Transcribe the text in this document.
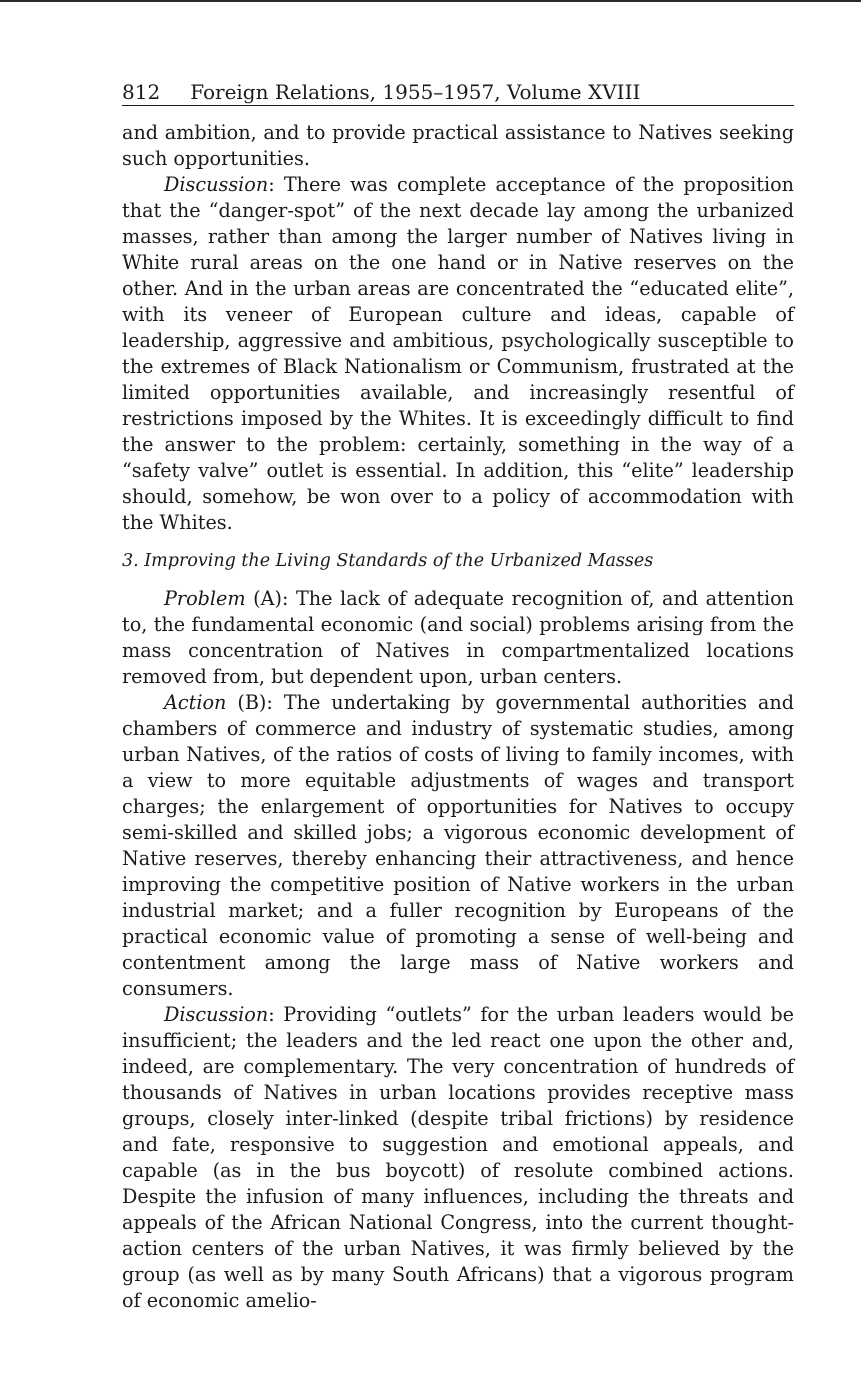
812 Foreign Relations, 1955–1957, Volume XVIII

and ambition, and to provide practical assistance to Natives seeking such opportunities.

Discussion: There was complete acceptance of the proposition that the “danger-spot” of the next decade lay among the urbanized masses, rather than among the larger number of Natives living in White rural areas on the one hand or in Native reserves on the other. And in the urban areas are concentrated the “educated elite”, with its veneer of European culture and ideas, capable of leadership, aggressive and ambitious, psychologically susceptible to the extremes of Black Nationalism or Communism, frustrated at the limited opportunities available, and increasingly resentful of restrictions imposed by the Whites. It is exceedingly difficult to find the answer to the problem: certainly, something in the way of a “safety valve” outlet is essential. In addition, this “elite” leadership should, somehow, be won over to a policy of accommodation with the Whites.

3. Improving the Living Standards of the Urbanized Masses

Problem (A): The lack of adequate recognition of, and attention to, the fundamental economic (and social) problems arising from the mass concentration of Natives in compartmentalized locations removed from, but dependent upon, urban centers.

Action (B): The undertaking by governmental authorities and chambers of commerce and industry of systematic studies, among urban Natives, of the ratios of costs of living to family incomes, with a view to more equitable adjustments of wages and transport charges; the enlargement of opportunities for Natives to occupy semi-skilled and skilled jobs; a vigorous economic development of Native reserves, thereby enhancing their attractiveness, and hence improving the competitive position of Native workers in the urban industrial market; and a fuller recognition by Europeans of the practical economic value of promoting a sense of well-being and contentment among the large mass of Native workers and consumers.

Discussion: Providing “outlets” for the urban leaders would be insufficient; the leaders and the led react one upon the other and, indeed, are complementary. The very concentration of hundreds of thousands of Natives in urban locations provides receptive mass groups, closely inter-linked (despite tribal frictions) by residence and fate, responsive to suggestion and emotional appeals, and capable (as in the bus boycott) of resolute combined actions. Despite the infusion of many influences, including the threats and appeals of the African National Congress, into the current thought-action centers of the urban Natives, it was firmly believed by the group (as well as by many South Africans) that a vigorous program of economic amelio-
